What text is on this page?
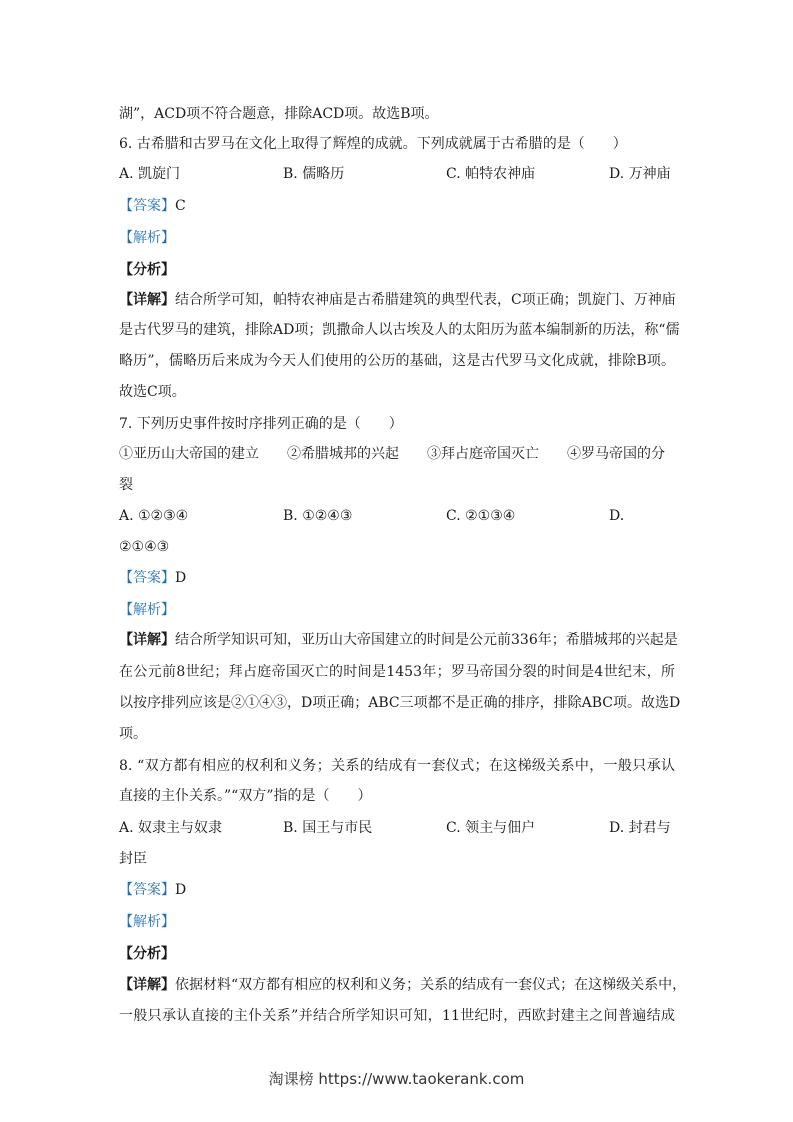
湖”，ACD项不符合题意，排除ACD项。故选B项。
6. 古希腊和古罗马在文化上取得了辉煌的成就。下列成就属于古希腊的是（　　）
A. 凯旋门	B. 儒略历	C. 帕特农神庙	D. 万神庙
【答案】C
【解析】
【分析】
【详解】结合所学可知，帕特农神庙是古希腊建筑的典型代表，C项正确；凯旋门、万神庙
是古代罗马的建筑，排除AD项；凯撒命人以古埃及人的太阳历为蓝本编制新的历法，称“儒
略历”，儒略历后来成为今天人们使用的公历的基础，这是古代罗马文化成就，排除B项。
故选C项。
7. 下列历史事件按时序排列正确的是（　　）
①亚历山大帝国的建立 ②希腊城邦的兴起 ③拜占庭帝国灭亡 ④罗马帝国的分
裂
A. ①②③④	B. ①②④③	C. ②①③④	D.
②①④③
【答案】D
【解析】
【详解】结合所学知识可知，亚历山大帝国建立的时间是公元前336年；希腊城邦的兴起是
在公元前8世纪；拜占庭帝国灭亡的时间是1453年；罗马帝国分裂的时间是4世纪末，所
以按序排列应该是②①④③，D项正确；ABC三项都不是正确的排序，排除ABC项。故选D
项。
8. “双方都有相应的权利和义务；关系的结成有一套仪式；在这梯级关系中，一般只承认
直接的主仆关系。”“双方”指的是（　　）
A. 奴隶主与奴隶	B. 国王与市民	C. 领主与佃户	D. 封君与
封臣
【答案】D
【解析】
【分析】
【详解】依据材料“双方都有相应的权利和义务；关系的结成有一套仪式；在这梯级关系中，
一般只承认直接的主仆关系”并结合所学知识可知，11世纪时，西欧封建主之间普遍结成
淘课榜 https://www.taokerank.com
